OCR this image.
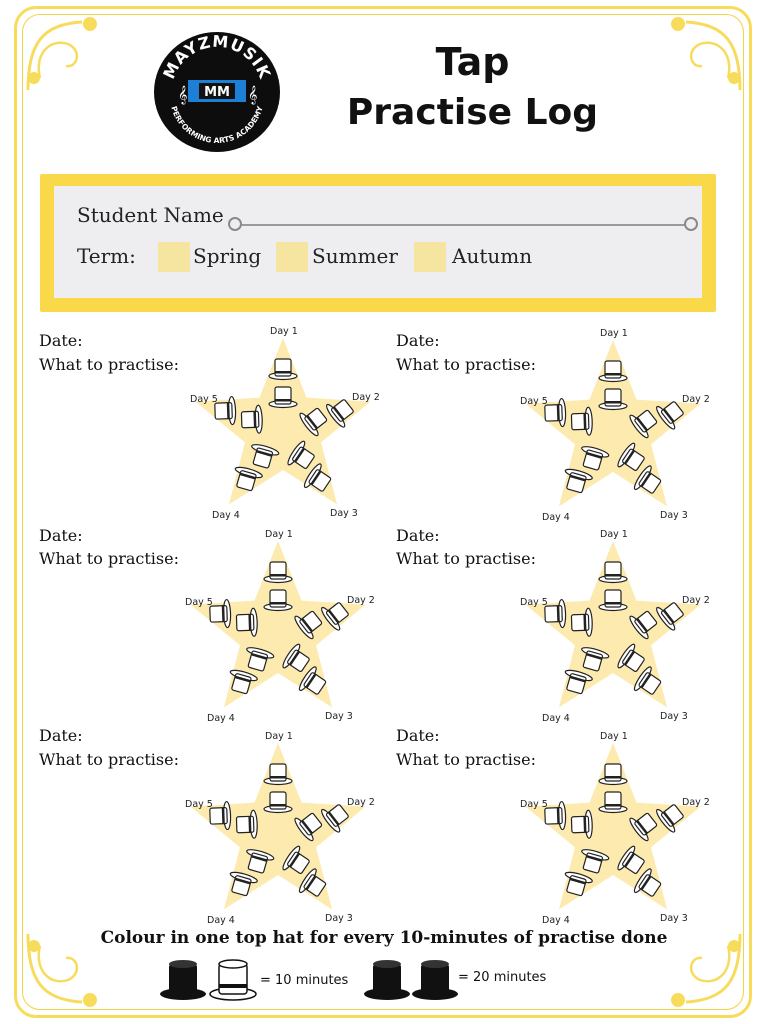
MAYZMUSIK
PERFORMING ARTS ACADEMY
MM
𝄞	𝄞
Tap
Practise Log
Student Name
Term:	Spring	Summer	Autumn
Date:
What to practise:
Day 1
Day 2
Day 3
Day 4
Day 5
Date:
What to practise:
Day 1
Day 2
Day 3
Day 4
Day 5
Date:
What to practise:
Day 1
Day 2
Day 3
Day 4
Day 5
Date:
What to practise:
Day 1
Day 2
Day 3
Day 4
Day 5
Date:
What to practise:
Day 1
Day 2
Day 3
Day 4
Day 5
Date:
What to practise:
Day 1
Day 2
Day 3
Day 4
Day 5
Colour in one top hat for every 10-minutes of practise done
= 10 minutes	= 20 minutes
